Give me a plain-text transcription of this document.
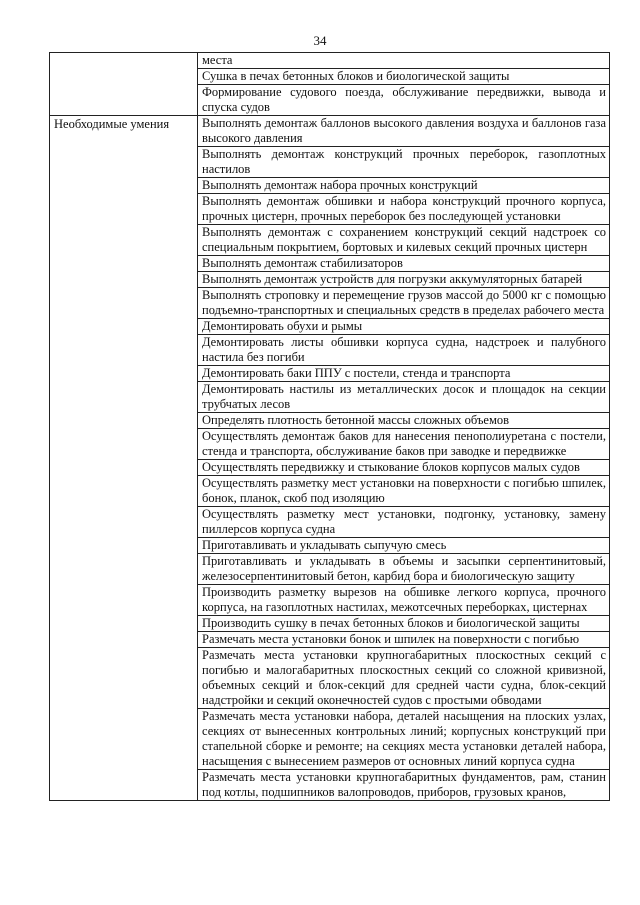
34

	места

	Сушка в печах бетонных блоков и биологической защиты

	Формирование судового поезда, обслуживание передвижки, вывода и спуска судов

Необходимые умения	Выполнять демонтаж баллонов высокого давления воздуха и баллонов газа высокого давления

	Выполнять демонтаж конструкций прочных переборок, газоплотных настилов

	Выполнять демонтаж набора прочных конструкций

	Выполнять демонтаж обшивки и набора конструкций прочного корпуса, прочных цистерн, прочных переборок без последующей установки

	Выполнять демонтаж с сохранением конструкций секций надстроек со специальным покрытием, бортовых и килевых секций прочных цистерн

	Выполнять демонтаж стабилизаторов

	Выполнять демонтаж устройств для погрузки аккумуляторных батарей

	Выполнять строповку и перемещение грузов массой до 5000 кг с помощью подъемно-транспортных и специальных средств в пределах рабочего места

	Демонтировать обухи и рымы

	Демонтировать листы обшивки корпуса судна, надстроек и палубного настила без погиби

	Демонтировать баки ППУ с постели, стенда и транспорта

	Демонтировать настилы из металлических досок и площадок на секции трубчатых лесов

	Определять плотность бетонной массы сложных объемов

	Осуществлять демонтаж баков для нанесения пенополиуретана с постели, стенда и транспорта, обслуживание баков при заводке и передвижке

	Осуществлять передвижку и стыкование блоков корпусов малых судов

	Осуществлять разметку мест установки на поверхности с погибью шпилек, бонок, планок, скоб под изоляцию

	Осуществлять разметку мест установки, подгонку, установку, замену пиллерсов корпуса судна

	Приготавливать и укладывать сыпучую смесь

	Приготавливать и укладывать в объемы и засыпки серпентинитовый, железосерпентинитовый бетон, карбид бора и биологическую защиту

	Производить разметку вырезов на обшивке легкого корпуса, прочного корпуса, на газоплотных настилах, межотсечных переборках, цистернах

	Производить сушку в печах бетонных блоков и биологической защиты

	Размечать места установки бонок и шпилек на поверхности с погибью

	Размечать места установки крупногабаритных плоскостных секций с погибью и малогабаритных плоскостных секций со сложной кривизной, объемных секций и блок-секций для средней части судна, блок-секций надстройки и секций оконечностей судов с простыми обводами

	Размечать места установки набора, деталей насыщения на плоских узлах, секциях от вынесенных контрольных линий; корпусных конструкций при стапельной сборке и ремонте; на секциях места установки деталей набора, насыщения с вынесением размеров от основных линий корпуса судна

	Размечать места установки крупногабаритных фундаментов, рам, станин под котлы, подшипников валопроводов, приборов, грузовых кранов,
